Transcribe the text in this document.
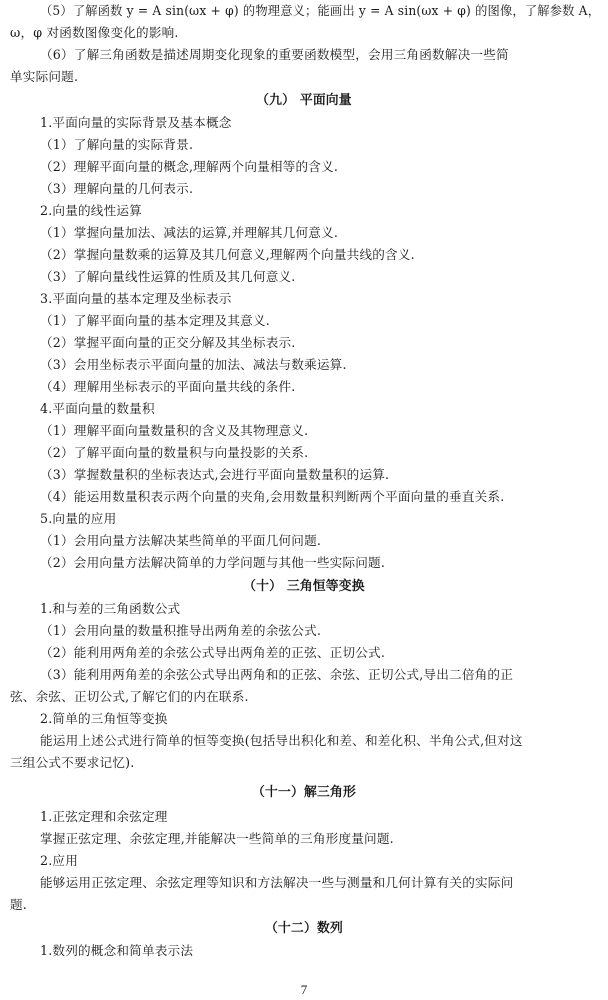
（5）了解函数 y = A sin(ωx + φ) 的物理意义；能画出 y = A sin(ωx + φ) 的图像，了解参数 A，
ω，φ 对函数图像变化的影响.
（6）了解三角函数是描述周期变化现象的重要函数模型，会用三角函数解决一些简
单实际问题.
（九） 平面向量
1.平面向量的实际背景及基本概念
（1）了解向量的实际背景.
（2）理解平面向量的概念,理解两个向量相等的含义.
（3）理解向量的几何表示.
2.向量的线性运算
（1）掌握向量加法、减法的运算,并理解其几何意义.
（2）掌握向量数乘的运算及其几何意义,理解两个向量共线的含义.
（3）了解向量线性运算的性质及其几何意义.
3.平面向量的基本定理及坐标表示
（1）了解平面向量的基本定理及其意义.
（2）掌握平面向量的正交分解及其坐标表示.
（3）会用坐标表示平面向量的加法、减法与数乘运算.
（4）理解用坐标表示的平面向量共线的条件.
4.平面向量的数量积
（1）理解平面向量数量积的含义及其物理意义.
（2）了解平面向量的数量积与向量投影的关系.
（3）掌握数量积的坐标表达式,会进行平面向量数量积的运算.
（4）能运用数量积表示两个向量的夹角,会用数量积判断两个平面向量的垂直关系.
5.向量的应用
（1）会用向量方法解决某些简单的平面几何问题.
（2）会用向量方法解决简单的力学问题与其他一些实际问题.
（十） 三角恒等变换
1.和与差的三角函数公式
（1）会用向量的数量积推导出两角差的余弦公式.
（2）能利用两角差的余弦公式导出两角差的正弦、正切公式.
（3）能利用两角差的余弦公式导出两角和的正弦、余弦、正切公式,导出二倍角的正
弦、余弦、正切公式,了解它们的内在联系.
2.简单的三角恒等变换
能运用上述公式进行简单的恒等变换(包括导出积化和差、和差化积、半角公式,但对这
三组公式不要求记忆).
（十一）解三角形
1.正弦定理和余弦定理
掌握正弦定理、余弦定理,并能解决一些简单的三角形度量问题.
2.应用
能够运用正弦定理、余弦定理等知识和方法解决一些与测量和几何计算有关的实际问
题.
（十二）数列
1.数列的概念和简单表示法
7
